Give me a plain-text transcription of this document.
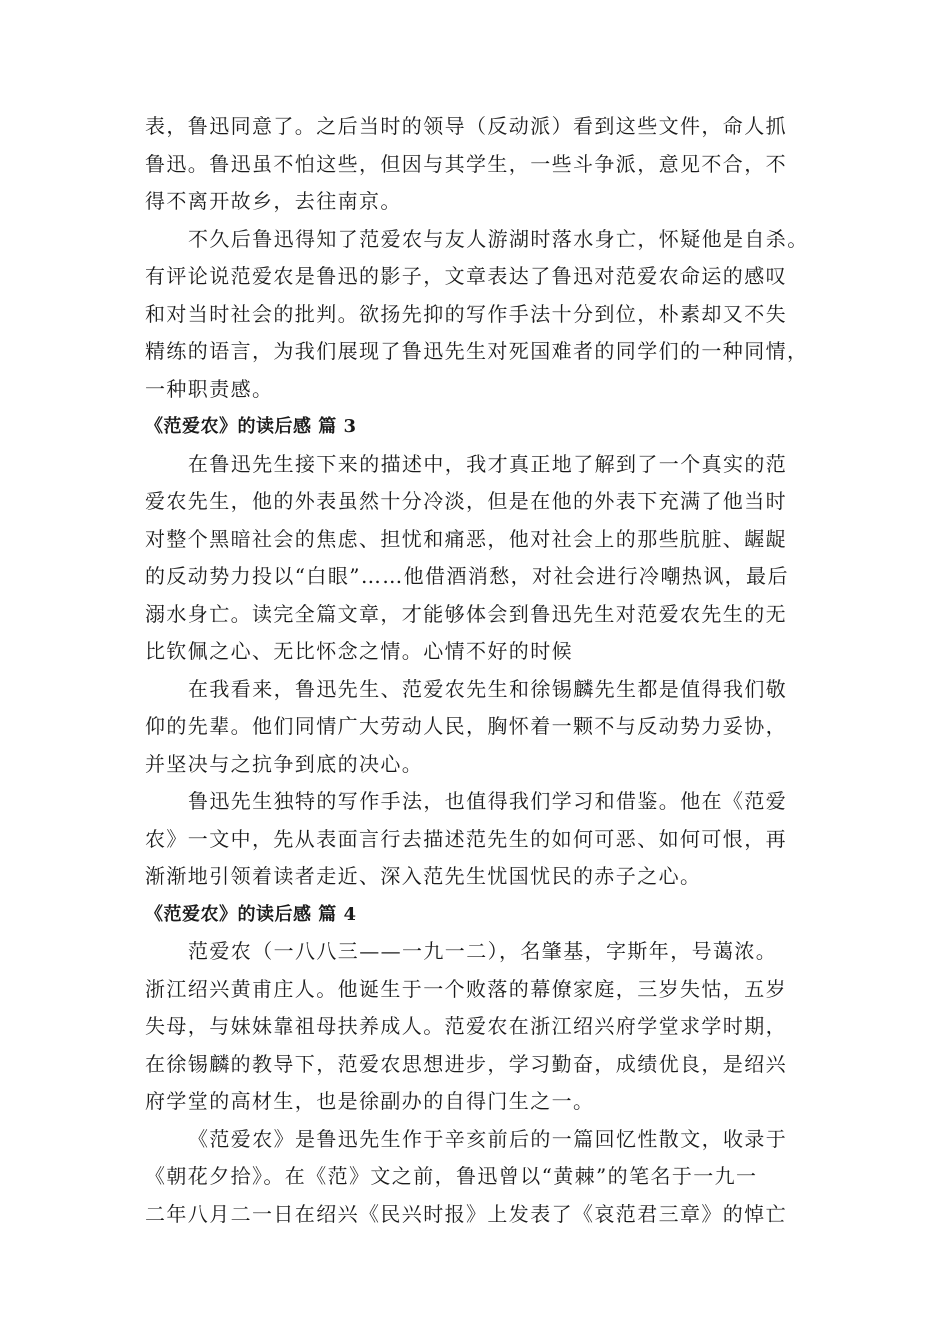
表，鲁迅同意了。之后当时的领导（反动派）看到这些文件，命人抓
鲁迅。鲁迅虽不怕这些，但因与其学生，一些斗争派，意见不合，不
得不离开故乡，去往南京。

不久后鲁迅得知了范爱农与友人游湖时落水身亡，怀疑他是自杀。
有评论说范爱农是鲁迅的影子，文章表达了鲁迅对范爱农命运的感叹
和对当时社会的批判。欲扬先抑的写作手法十分到位，朴素却又不失
精练的语言，为我们展现了鲁迅先生对死国难者的同学们的一种同情，
一种职责感。

《范爱农》的读后感 篇 3

在鲁迅先生接下来的描述中，我才真正地了解到了一个真实的范
爱农先生，他的外表虽然十分冷淡，但是在他的外表下充满了他当时
对整个黑暗社会的焦虑、担忧和痛恶，他对社会上的那些肮脏、龌龊
的反动势力投以“白眼”……他借酒消愁，对社会进行冷嘲热讽，最后
溺水身亡。读完全篇文章，才能够体会到鲁迅先生对范爱农先生的无
比钦佩之心、无比怀念之情。心情不好的时候

在我看来，鲁迅先生、范爱农先生和徐锡麟先生都是值得我们敬
仰的先辈。他们同情广大劳动人民，胸怀着一颗不与反动势力妥协，
并坚决与之抗争到底的决心。

鲁迅先生独特的写作手法，也值得我们学习和借鉴。他在《范爱
农》一文中，先从表面言行去描述范先生的如何可恶、如何可恨，再
渐渐地引领着读者走近、深入范先生忧国忧民的赤子之心。

《范爱农》的读后感 篇 4

范爱农（一八八三——一九一二），名肇基，字斯年，号蔼浓。
浙江绍兴黄甫庄人。他诞生于一个败落的幕僚家庭，三岁失怙，五岁
失母，与妹妹靠祖母扶养成人。范爱农在浙江绍兴府学堂求学时期，
在徐锡麟的教导下，范爱农思想进步，学习勤奋，成绩优良，是绍兴
府学堂的高材生，也是徐副办的自得门生之一。

《范爱农》是鲁迅先生作于辛亥前后的一篇回忆性散文，收录于
《朝花夕拾》。在《范》文之前，鲁迅曾以“黄棘”的笔名于一九一
二年八月二一日在绍兴《民兴时报》上发表了《哀范君三章》的悼亡
